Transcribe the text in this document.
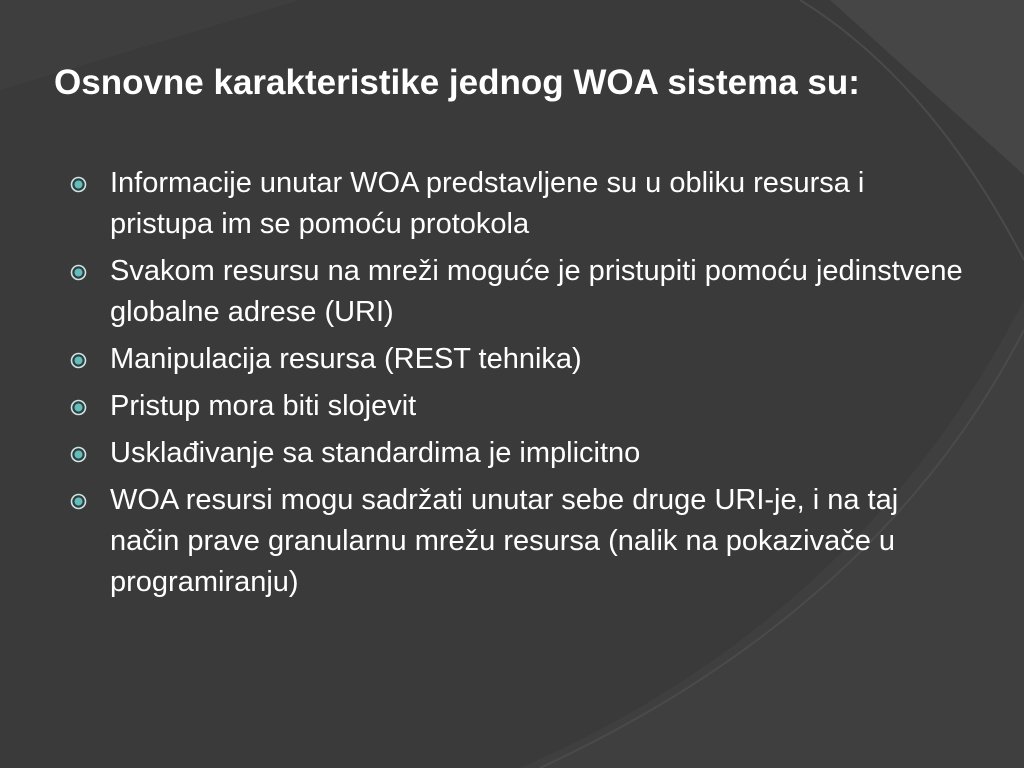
Osnovne karakteristike jednog WOA sistema su:
Informacije unutar WOA predstavljene su u obliku resursa i pristupa im se pomoću protokola
Svakom resursu na mreži moguće je pristupiti pomoću jedinstvene globalne adrese (URI)
Manipulacija resursa (REST tehnika)
Pristup mora biti slojevit
Usklađivanje sa standardima je implicitno
WOA resursi mogu sadržati unutar sebe druge URI-je, i na taj način prave granularnu mrežu resursa (nalik na pokazivače u programiranju)
